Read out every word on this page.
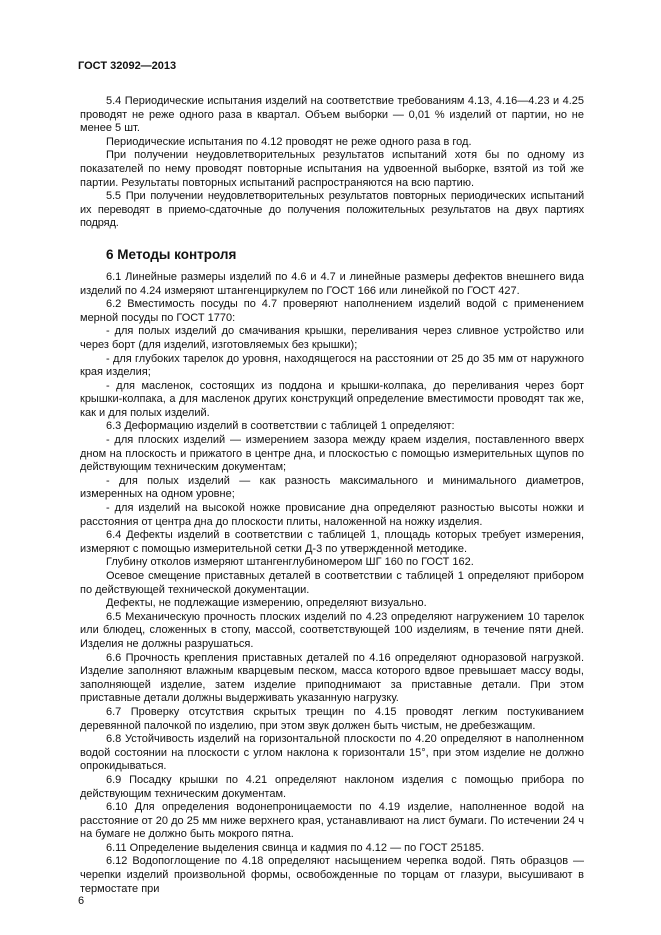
ГОСТ 32092—2013

5.4 Периодические испытания изделий на соответствие требованиям 4.13, 4.16—4.23 и 4.25 проводят не реже одного раза в квартал. Объем выборки — 0,01 % изделий от партии, но не менее 5 шт.

Периодические испытания по 4.12 проводят не реже одного раза в год.

При получении неудовлетворительных результатов испытаний хотя бы по одному из показателей по нему проводят повторные испытания на удвоенной выборке, взятой из той же партии. Результаты повторных испытаний распространяются на всю партию.

5.5 При получении неудовлетворительных результатов повторных периодических испытаний их переводят в приемо-сдаточные до получения положительных результатов на двух партиях подряд.

6 Методы контроля

6.1 Линейные размеры изделий по 4.6 и 4.7 и линейные размеры дефектов внешнего вида изделий по 4.24 измеряют штангенциркулем по ГОСТ 166 или линейкой по ГОСТ 427.

6.2 Вместимость посуды по 4.7 проверяют наполнением изделий водой с применением мерной посуды по ГОСТ 1770:

- для полых изделий до смачивания крышки, переливания через сливное устройство или через борт (для изделий, изготовляемых без крышки);

- для глубоких тарелок до уровня, находящегося на расстоянии от 25 до 35 мм от наружного края изделия;

- для масленок, состоящих из поддона и крышки-колпака, до переливания через борт крышки-колпака, а для масленок других конструкций определение вместимости проводят так же, как и для полых изделий.

6.3 Деформацию изделий в соответствии с таблицей 1 определяют:

- для плоских изделий — измерением зазора между краем изделия, поставленного вверх дном на плоскость и прижатого в центре дна, и плоскостью с помощью измерительных щупов по действующим техническим документам;

- для полых изделий — как разность максимального и минимального диаметров, измеренных на одном уровне;

- для изделий на высокой ножке провисание дна определяют разностью высоты ножки и расстояния от центра дна до плоскости плиты, наложенной на ножку изделия.

6.4 Дефекты изделий в соответствии с таблицей 1, площадь которых требует измерения, измеряют с помощью измерительной сетки Д-3 по утвержденной методике.

Глубину отколов измеряют штангенглубиномером ШГ 160 по ГОСТ 162.

Осевое смещение приставных деталей в соответствии с таблицей 1 определяют прибором по действующей технической документации.

Дефекты, не подлежащие измерению, определяют визуально.

6.5 Механическую прочность плоских изделий по 4.23 определяют нагружением 10 тарелок или блюдец, сложенных в стопу, массой, соответствующей 100 изделиям, в течение пяти дней. Изделия не должны разрушаться.

6.6 Прочность крепления приставных деталей по 4.16 определяют одноразовой нагрузкой. Изделие заполняют влажным кварцевым песком, масса которого вдвое превышает массу воды, заполняющей изделие, затем изделие приподнимают за приставные детали. При этом приставные детали должны выдерживать указанную нагрузку.

6.7 Проверку отсутствия скрытых трещин по 4.15 проводят легким постукиванием деревянной палочкой по изделию, при этом звук должен быть чистым, не дребезжащим.

6.8 Устойчивость изделий на горизонтальной плоскости по 4.20 определяют в наполненном водой состоянии на плоскости с углом наклона к горизонтали 15°, при этом изделие не должно опрокидываться.

6.9 Посадку крышки по 4.21 определяют наклоном изделия с помощью прибора по действующим техническим документам.

6.10 Для определения водонепроницаемости по 4.19 изделие, наполненное водой на расстояние от 20 до 25 мм ниже верхнего края, устанавливают на лист бумаги. По истечении 24 ч на бумаге не должно быть мокрого пятна.

6.11 Определение выделения свинца и кадмия по 4.12 — по ГОСТ 25185.

6.12 Водопоглощение по 4.18 определяют насыщением черепка водой. Пять образцов — черепки изделий произвольной формы, освобожденные по торцам от глазури, высушивают в термостате при

6
